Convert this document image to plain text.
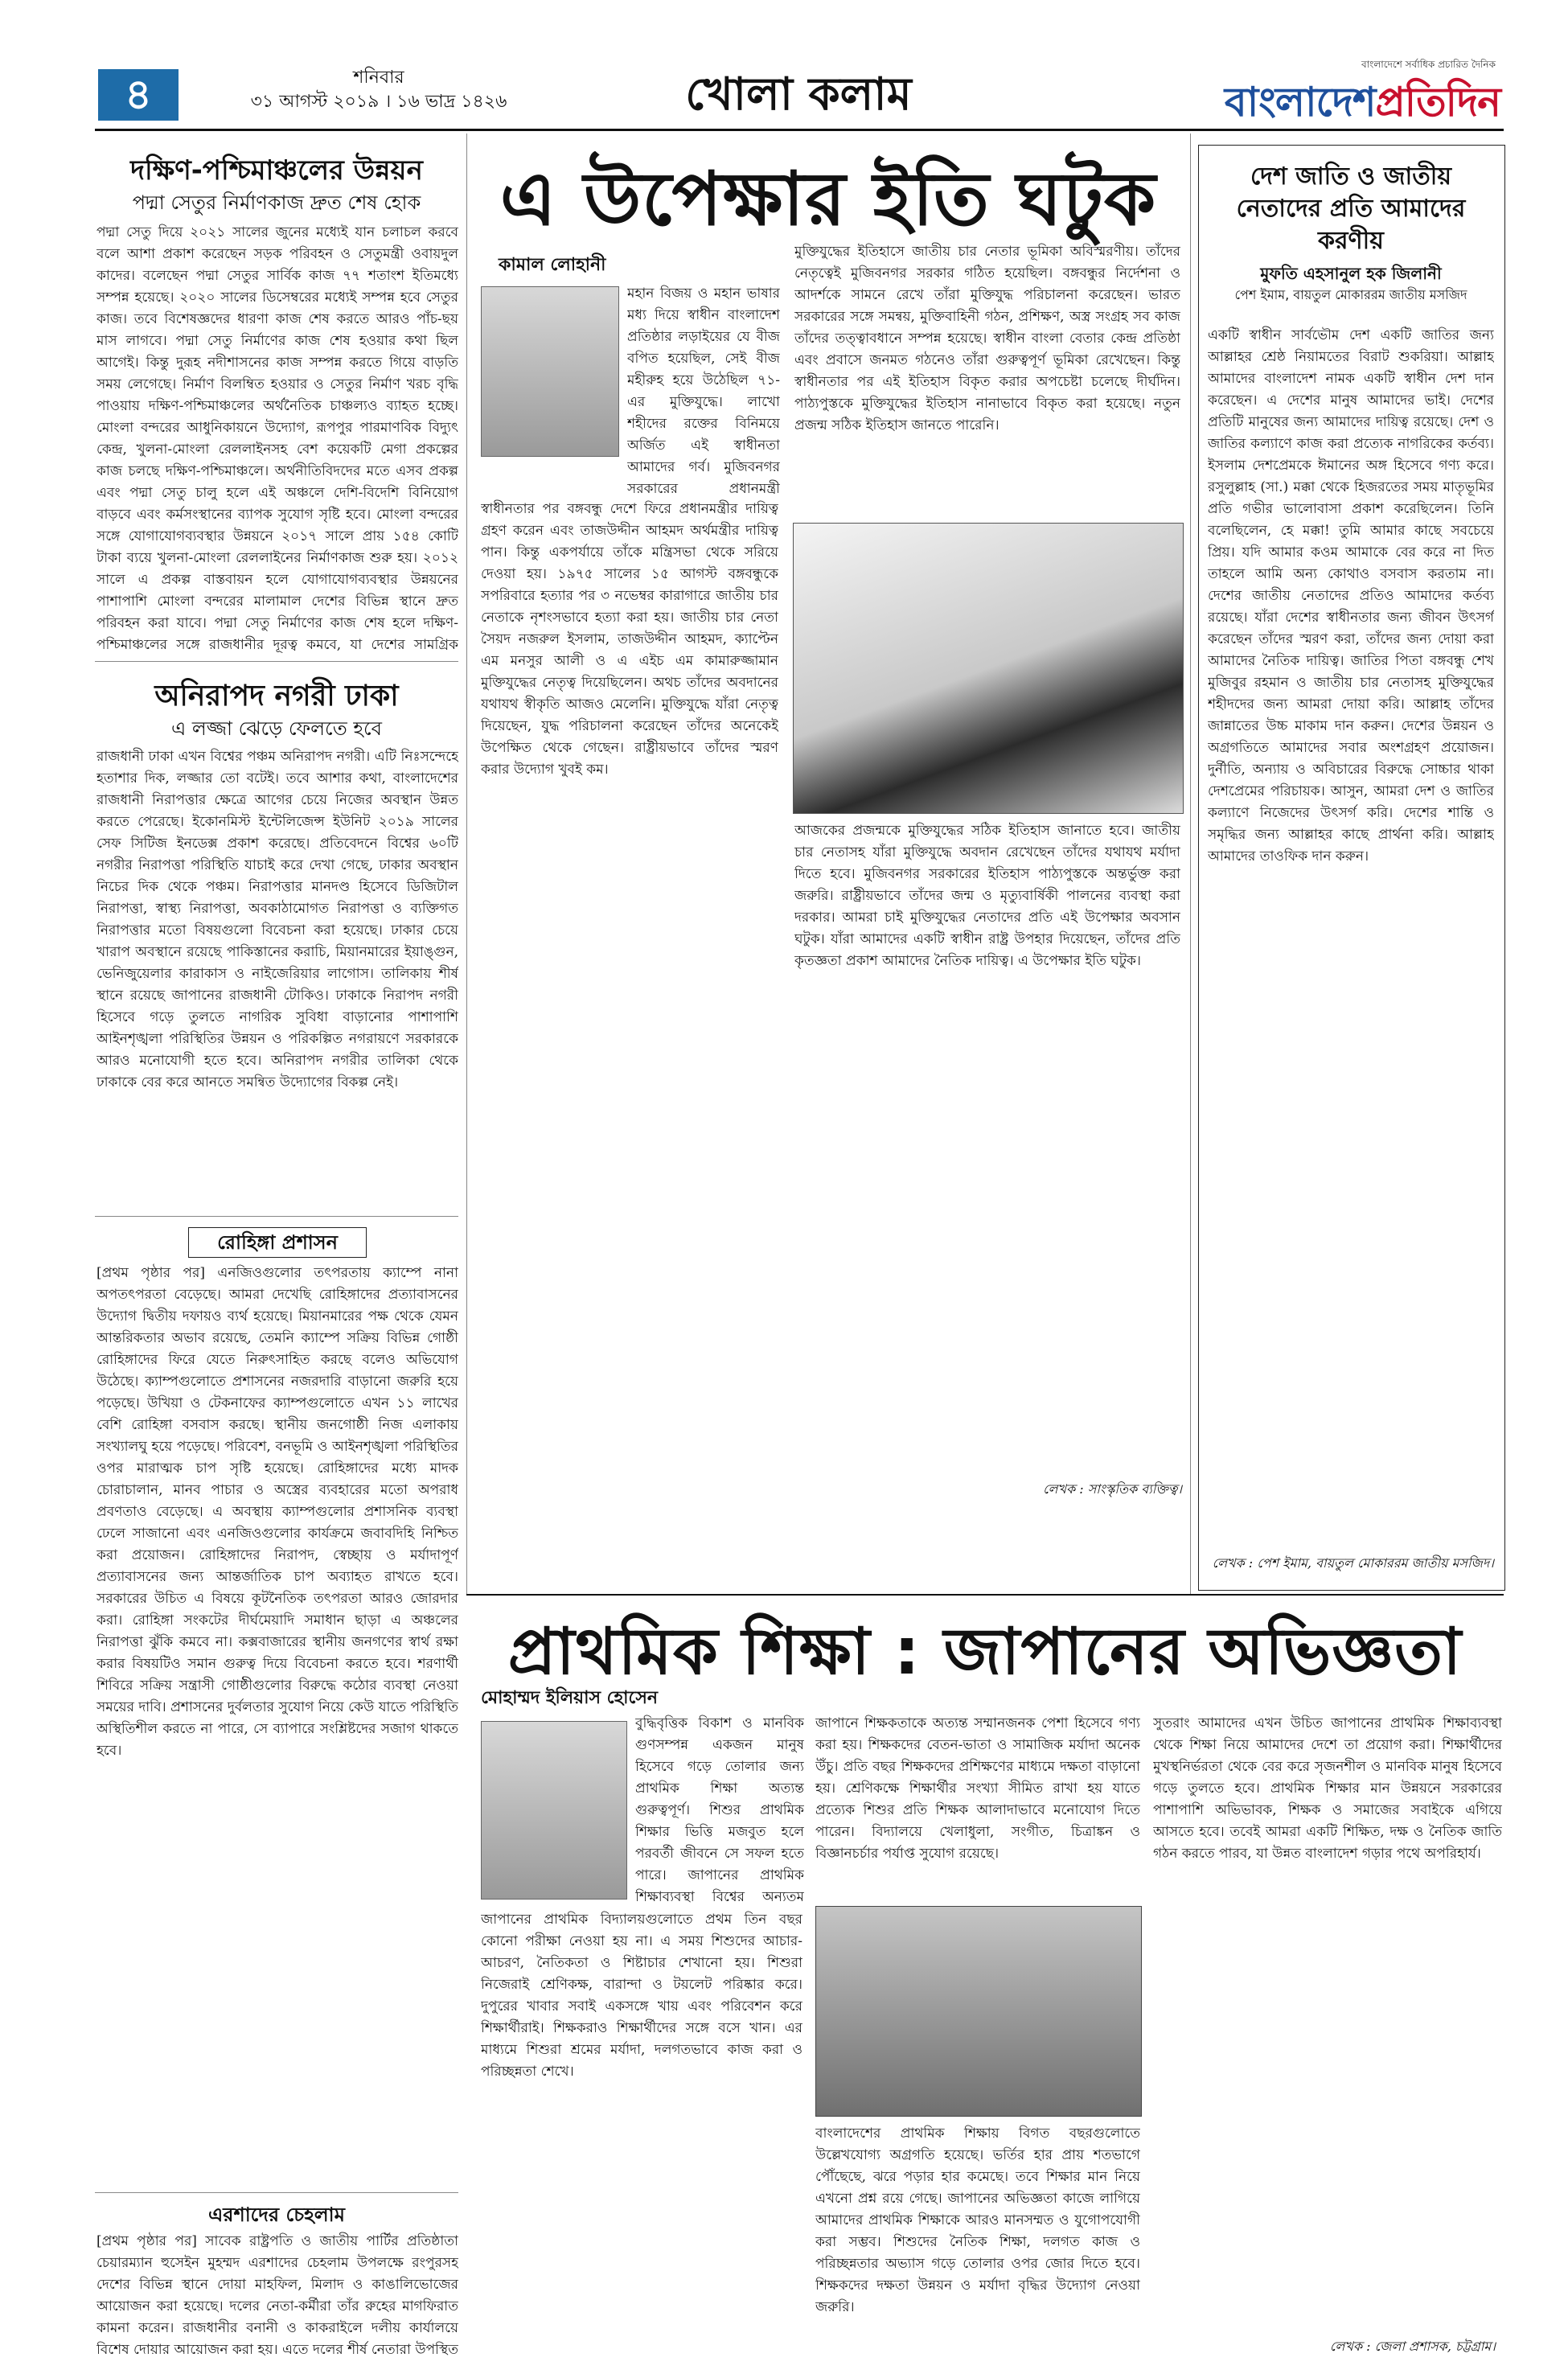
৪	শনিবার
৩১ আগস্ট ২০১৯ । ১৬ ভাদ্র ১৪২৬	খোলা কলাম
বাংলাদেশে সর্বাধিক প্রচারিত দৈনিক
বাংলাদেশপ্রতিদিন
দক্ষিণ-পশ্চিমাঞ্চলের উন্নয়ন
পদ্মা সেতুর নির্মাণকাজ দ্রুত শেষ হোক
পদ্মা সেতু দিয়ে ২০২১ সালের জুনের মধ্যেই যান চলাচল করবে বলে আশা প্রকাশ করেছেন সড়ক পরিবহন ও সেতুমন্ত্রী ওবায়দুল কাদের। বলেছেন পদ্মা সেতুর সার্বিক কাজ ৭৭ শতাংশ ইতিমধ্যে সম্পন্ন হয়েছে। ২০২০ সালের ডিসেম্বরের মধ্যেই সম্পন্ন হবে সেতুর কাজ। তবে বিশেষজ্ঞদের ধারণা কাজ শেষ করতে আরও পাঁচ-ছয় মাস লাগবে। পদ্মা সেতু নির্মাণের কাজ শেষ হওয়ার কথা ছিল আগেই। কিন্তু দুরূহ নদীশাসনের কাজ সম্পন্ন করতে গিয়ে বাড়তি সময় লেগেছে। নির্মাণ বিলম্বিত হওয়ার ও সেতুর নির্মাণ খরচ বৃদ্ধি পাওয়ায় দক্ষিণ-পশ্চিমাঞ্চলের অর্থনৈতিক চাঞ্চল্যও ব্যাহত হচ্ছে। মোংলা বন্দরের আধুনিকায়নে উদ্যোগ, রূপপুর পারমাণবিক বিদ্যুৎ কেন্দ্র, খুলনা-মোংলা রেললাইনসহ বেশ কয়েকটি মেগা প্রকল্পের কাজ চলছে দক্ষিণ-পশ্চিমাঞ্চলে। অর্থনীতিবিদদের মতে এসব প্রকল্প এবং পদ্মা সেতু চালু হলে এই অঞ্চলে দেশি-বিদেশি বিনিয়োগ বাড়বে এবং কর্মসংস্থানের ব্যাপক সুযোগ সৃষ্টি হবে। মোংলা বন্দরের সঙ্গে যোগাযোগব্যবস্থার উন্নয়নে ২০১৭ সালে প্রায় ১৫৪ কোটি টাকা ব্যয়ে খুলনা-মোংলা রেললাইনের নির্মাণকাজ শুরু হয়। ২০১২ সালে এ প্রকল্প বাস্তবায়ন হলে যোগাযোগব্যবস্থার উন্নয়নের পাশাপাশি মোংলা বন্দরের মালামাল দেশের বিভিন্ন স্থানে দ্রুত পরিবহন করা যাবে। পদ্মা সেতু নির্মাণের কাজ শেষ হলে দক্ষিণ-পশ্চিমাঞ্চলের সঙ্গে রাজধানীর দূরত্ব কমবে, যা দেশের সামগ্রিক
অনিরাপদ নগরী ঢাকা
এ লজ্জা ঝেড়ে ফেলতে হবে
রাজধানী ঢাকা এখন বিশ্বের পঞ্চম অনিরাপদ নগরী। এটি নিঃসন্দেহে হতাশার দিক, লজ্জার তো বটেই। তবে আশার কথা, বাংলাদেশের রাজধানী নিরাপত্তার ক্ষেত্রে আগের চেয়ে নিজের অবস্থান উন্নত করতে পেরেছে। ইকোনমিস্ট ইন্টেলিজেন্স ইউনিট ২০১৯ সালের সেফ সিটিজ ইনডেক্স প্রকাশ করেছে। প্রতিবেদনে বিশ্বের ৬০টি নগরীর নিরাপত্তা পরিস্থিতি যাচাই করে দেখা গেছে, ঢাকার অবস্থান নিচের দিক থেকে পঞ্চম। নিরাপত্তার মানদণ্ড হিসেবে ডিজিটাল নিরাপত্তা, স্বাস্থ্য নিরাপত্তা, অবকাঠামোগত নিরাপত্তা ও ব্যক্তিগত নিরাপত্তার মতো বিষয়গুলো বিবেচনা করা হয়েছে। ঢাকার চেয়ে খারাপ অবস্থানে রয়েছে পাকিস্তানের করাচি, মিয়ানমারের ইয়াঙ্গুন, ভেনিজুয়েলার কারাকাস ও নাইজেরিয়ার লাগোস। তালিকায় শীর্ষ স্থানে রয়েছে জাপানের রাজধানী টোকিও। ঢাকাকে নিরাপদ নগরী হিসেবে গড়ে তুলতে নাগরিক সুবিধা বাড়ানোর পাশাপাশি আইনশৃঙ্খলা পরিস্থিতির উন্নয়ন ও পরিকল্পিত নগরায়ণে সরকারকে আরও মনোযোগী হতে হবে। অনিরাপদ নগরীর তালিকা থেকে ঢাকাকে বের করে আনতে সমন্বিত উদ্যোগের বিকল্প নেই।
রোহিঙ্গা প্রশাসন
[প্রথম পৃষ্ঠার পর] এনজিওগুলোর তৎপরতায় ক্যাম্পে নানা অপতৎপরতা বেড়েছে। আমরা দেখেছি রোহিঙ্গাদের প্রত্যাবাসনের উদ্যোগ দ্বিতীয় দফায়ও ব্যর্থ হয়েছে। মিয়ানমারের পক্ষ থেকে যেমন আন্তরিকতার অভাব রয়েছে, তেমনি ক্যাম্পে সক্রিয় বিভিন্ন গোষ্ঠী রোহিঙ্গাদের ফিরে যেতে নিরুৎসাহিত করছে বলেও অভিযোগ উঠেছে। ক্যাম্পগুলোতে প্রশাসনের নজরদারি বাড়ানো জরুরি হয়ে পড়েছে। উখিয়া ও টেকনাফের ক্যাম্পগুলোতে এখন ১১ লাখের বেশি রোহিঙ্গা বসবাস করছে। স্থানীয় জনগোষ্ঠী নিজ এলাকায় সংখ্যালঘু হয়ে পড়েছে। পরিবেশ, বনভূমি ও আইনশৃঙ্খলা পরিস্থিতির ওপর মারাত্মক চাপ সৃষ্টি হয়েছে। রোহিঙ্গাদের মধ্যে মাদক চোরাচালান, মানব পাচার ও অস্ত্রের ব্যবহারের মতো অপরাধ প্রবণতাও বেড়েছে। এ অবস্থায় ক্যাম্পগুলোর প্রশাসনিক ব্যবস্থা ঢেলে সাজানো এবং এনজিওগুলোর কার্যক্রমে জবাবদিহি নিশ্চিত করা প্রয়োজন। রোহিঙ্গাদের নিরাপদ, স্বেচ্ছায় ও মর্যাদাপূর্ণ প্রত্যাবাসনের জন্য আন্তর্জাতিক চাপ অব্যাহত রাখতে হবে। সরকারের উচিত এ বিষয়ে কূটনৈতিক তৎপরতা আরও জোরদার করা। রোহিঙ্গা সংকটের দীর্ঘমেয়াদি সমাধান ছাড়া এ অঞ্চলের নিরাপত্তা ঝুঁকি কমবে না। কক্সবাজারের স্থানীয় জনগণের স্বার্থ রক্ষা করার বিষয়টিও সমান গুরুত্ব দিয়ে বিবেচনা করতে হবে। শরণার্থী শিবিরে সক্রিয় সন্ত্রাসী গোষ্ঠীগুলোর বিরুদ্ধে কঠোর ব্যবস্থা নেওয়া সময়ের দাবি। প্রশাসনের দুর্বলতার সুযোগ নিয়ে কেউ যাতে পরিস্থিতি অস্থিতিশীল করতে না পারে, সে ব্যাপারে সংশ্লিষ্টদের সজাগ থাকতে হবে।
এরশাদের চেহলাম
[প্রথম পৃষ্ঠার পর] সাবেক রাষ্ট্রপতি ও জাতীয় পার্টির প্রতিষ্ঠাতা চেয়ারম্যান হুসেইন মুহম্মদ এরশাদের চেহলাম উপলক্ষে রংপুরসহ দেশের বিভিন্ন স্থানে দোয়া মাহফিল, মিলাদ ও কাঙালিভোজের আয়োজন করা হয়েছে। দলের নেতা-কর্মীরা তাঁর রুহের মাগফিরাত কামনা করেন। রাজধানীর বনানী ও কাকরাইলে দলীয় কার্যালয়ে বিশেষ দোয়ার আয়োজন করা হয়। এতে দলের শীর্ষ নেতারা উপস্থিত
এ উপেক্ষার ইতি ঘটুক
কামাল লোহানী
মহান বিজয় ও মহান ভাষার মধ্য দিয়ে স্বাধীন বাংলাদেশ প্রতিষ্ঠার লড়াইয়ের যে বীজ বপিত হয়েছিল, সেই বীজ মহীরুহ হয়ে উঠেছিল ৭১-এর মুক্তিযুদ্ধে। লাখো শহীদের রক্তের বিনিময়ে অর্জিত এই স্বাধীনতা আমাদের গর্ব। মুজিবনগর সরকারের প্রধানমন্ত্রী
স্বাধীনতার পর বঙ্গবন্ধু দেশে ফিরে প্রধানমন্ত্রীর দায়িত্ব গ্রহণ করেন এবং তাজউদ্দীন আহমদ অর্থমন্ত্রীর দায়িত্ব পান। কিন্তু একপর্যায়ে তাঁকে মন্ত্রিসভা থেকে সরিয়ে দেওয়া হয়। ১৯৭৫ সালের ১৫ আগস্ট বঙ্গবন্ধুকে সপরিবারে হত্যার পর ৩ নভেম্বর কারাগারে জাতীয় চার নেতাকে নৃশংসভাবে হত্যা করা হয়। জাতীয় চার নেতা সৈয়দ নজরুল ইসলাম, তাজউদ্দীন আহমদ, ক্যাপ্টেন এম মনসুর আলী ও এ এইচ এম কামারুজ্জামান মুক্তিযুদ্ধের নেতৃত্ব দিয়েছিলেন। অথচ তাঁদের অবদানের যথাযথ স্বীকৃতি আজও মেলেনি। মুক্তিযুদ্ধে যাঁরা নেতৃত্ব দিয়েছেন, যুদ্ধ পরিচালনা করেছেন তাঁদের অনেকেই উপেক্ষিত থেকে গেছেন। রাষ্ট্রীয়ভাবে তাঁদের স্মরণ করার উদ্যোগ খুবই কম।
মুক্তিযুদ্ধের ইতিহাসে জাতীয় চার নেতার ভূমিকা অবিস্মরণীয়। তাঁদের নেতৃত্বেই মুজিবনগর সরকার গঠিত হয়েছিল। বঙ্গবন্ধুর নির্দেশনা ও আদর্শকে সামনে রেখে তাঁরা মুক্তিযুদ্ধ পরিচালনা করেছেন। ভারত সরকারের সঙ্গে সমন্বয়, মুক্তিবাহিনী গঠন, প্রশিক্ষণ, অস্ত্র সংগ্রহ সব কাজ তাঁদের তত্ত্বাবধানে সম্পন্ন হয়েছে। স্বাধীন বাংলা বেতার কেন্দ্র প্রতিষ্ঠা এবং প্রবাসে জনমত গঠনেও তাঁরা গুরুত্বপূর্ণ ভূমিকা রেখেছেন। কিন্তু স্বাধীনতার পর এই ইতিহাস বিকৃত করার অপচেষ্টা চলেছে দীর্ঘদিন। পাঠ্যপুস্তকে মুক্তিযুদ্ধের ইতিহাস নানাভাবে বিকৃত করা হয়েছে। নতুন প্রজন্ম সঠিক ইতিহাস জানতে পারেনি।
আজকের প্রজন্মকে মুক্তিযুদ্ধের সঠিক ইতিহাস জানাতে হবে। জাতীয় চার নেতাসহ যাঁরা মুক্তিযুদ্ধে অবদান রেখেছেন তাঁদের যথাযথ মর্যাদা দিতে হবে। মুজিবনগর সরকারের ইতিহাস পাঠ্যপুস্তকে অন্তর্ভুক্ত করা জরুরি। রাষ্ট্রীয়ভাবে তাঁদের জন্ম ও মৃত্যুবার্ষিকী পালনের ব্যবস্থা করা দরকার। আমরা চাই মুক্তিযুদ্ধের নেতাদের প্রতি এই উপেক্ষার অবসান ঘটুক। যাঁরা আমাদের একটি স্বাধীন রাষ্ট্র উপহার দিয়েছেন, তাঁদের প্রতি কৃতজ্ঞতা প্রকাশ আমাদের নৈতিক দায়িত্ব। এ উপেক্ষার ইতি ঘটুক।
লেখক : সাংস্কৃতিক ব্যক্তিত্ব।
দেশ জাতি ও জাতীয় নেতাদের প্রতি আমাদের করণীয়
মুফতি এহসানুল হক জিলানী
পেশ ইমাম, বায়তুল মোকাররম জাতীয় মসজিদ
একটি স্বাধীন সার্বভৌম দেশ একটি জাতির জন্য আল্লাহর শ্রেষ্ঠ নিয়ামতের বিরাট শুকরিয়া। আল্লাহ আমাদের বাংলাদেশ নামক একটি স্বাধীন দেশ দান করেছেন। এ দেশের মানুষ আমাদের ভাই। দেশের প্রতিটি মানুষের জন্য আমাদের দায়িত্ব রয়েছে। দেশ ও জাতির কল্যাণে কাজ করা প্রত্যেক নাগরিকের কর্তব্য। ইসলাম দেশপ্রেমকে ঈমানের অঙ্গ হিসেবে গণ্য করে। রসুলুল্লাহ (সা.) মক্কা থেকে হিজরতের সময় মাতৃভূমির প্রতি গভীর ভালোবাসা প্রকাশ করেছিলেন। তিনি বলেছিলেন, হে মক্কা! তুমি আমার কাছে সবচেয়ে প্রিয়। যদি আমার কওম আমাকে বের করে না দিত তাহলে আমি অন্য কোথাও বসবাস করতাম না। দেশের জাতীয় নেতাদের প্রতিও আমাদের কর্তব্য রয়েছে। যাঁরা দেশের স্বাধীনতার জন্য জীবন উৎসর্গ করেছেন তাঁদের স্মরণ করা, তাঁদের জন্য দোয়া করা আমাদের নৈতিক দায়িত্ব। জাতির পিতা বঙ্গবন্ধু শেখ মুজিবুর রহমান ও জাতীয় চার নেতাসহ মুক্তিযুদ্ধের শহীদদের জন্য আমরা দোয়া করি। আল্লাহ তাঁদের জান্নাতের উচ্চ মাকাম দান করুন। দেশের উন্নয়ন ও অগ্রগতিতে আমাদের সবার অংশগ্রহণ প্রয়োজন। দুর্নীতি, অন্যায় ও অবিচারের বিরুদ্ধে সোচ্চার থাকা দেশপ্রেমের পরিচায়ক। আসুন, আমরা দেশ ও জাতির কল্যাণে নিজেদের উৎসর্গ করি। দেশের শান্তি ও সমৃদ্ধির জন্য আল্লাহর কাছে প্রার্থনা করি। আল্লাহ আমাদের তাওফিক দান করুন।
লেখক : পেশ ইমাম, বায়তুল মোকাররম জাতীয় মসজিদ।
প্রাথমিক শিক্ষা : জাপানের অভিজ্ঞতা
মোহাম্মদ ইলিয়াস হোসেন
বুদ্ধিবৃত্তিক বিকাশ ও মানবিক গুণসম্পন্ন একজন মানুষ হিসেবে গড়ে তোলার জন্য প্রাথমিক শিক্ষা অত্যন্ত গুরুত্বপূর্ণ। শিশুর প্রাথমিক শিক্ষার ভিত্তি মজবুত হলে পরবর্তী জীবনে সে সফল হতে পারে। জাপানের প্রাথমিক শিক্ষাব্যবস্থা বিশ্বের অন্যতম
জাপানের প্রাথমিক বিদ্যালয়গুলোতে প্রথম তিন বছর কোনো পরীক্ষা নেওয়া হয় না। এ সময় শিশুদের আচার-আচরণ, নৈতিকতা ও শিষ্টাচার শেখানো হয়। শিশুরা নিজেরাই শ্রেণিকক্ষ, বারান্দা ও টয়লেট পরিষ্কার করে। দুপুরের খাবার সবাই একসঙ্গে খায় এবং পরিবেশন করে শিক্ষার্থীরাই। শিক্ষকরাও শিক্ষার্থীদের সঙ্গে বসে খান। এর মাধ্যমে শিশুরা শ্রমের মর্যাদা, দলগতভাবে কাজ করা ও পরিচ্ছন্নতা শেখে।
জাপানে শিক্ষকতাকে অত্যন্ত সম্মানজনক পেশা হিসেবে গণ্য করা হয়। শিক্ষকদের বেতন-ভাতা ও সামাজিক মর্যাদা অনেক উঁচু। প্রতি বছর শিক্ষকদের প্রশিক্ষণের মাধ্যমে দক্ষতা বাড়ানো হয়। শ্রেণিকক্ষে শিক্ষার্থীর সংখ্যা সীমিত রাখা হয় যাতে প্রত্যেক শিশুর প্রতি শিক্ষক আলাদাভাবে মনোযোগ দিতে পারেন। বিদ্যালয়ে খেলাধুলা, সংগীত, চিত্রাঙ্কন ও বিজ্ঞানচর্চার পর্যাপ্ত সুযোগ রয়েছে।
বাংলাদেশের প্রাথমিক শিক্ষায় বিগত বছরগুলোতে উল্লেখযোগ্য অগ্রগতি হয়েছে। ভর্তির হার প্রায় শতভাগে পৌঁছেছে, ঝরে পড়ার হার কমেছে। তবে শিক্ষার মান নিয়ে এখনো প্রশ্ন রয়ে গেছে। জাপানের অভিজ্ঞতা কাজে লাগিয়ে আমাদের প্রাথমিক শিক্ষাকে আরও মানসম্মত ও যুগোপযোগী করা সম্ভব। শিশুদের নৈতিক শিক্ষা, দলগত কাজ ও পরিচ্ছন্নতার অভ্যাস গড়ে তোলার ওপর জোর দিতে হবে। শিক্ষকদের দক্ষতা উন্নয়ন ও মর্যাদা বৃদ্ধির উদ্যোগ নেওয়া জরুরি।
সুতরাং আমাদের এখন উচিত জাপানের প্রাথমিক শিক্ষাব্যবস্থা থেকে শিক্ষা নিয়ে আমাদের দেশে তা প্রয়োগ করা। শিক্ষার্থীদের মুখস্থনির্ভরতা থেকে বের করে সৃজনশীল ও মানবিক মানুষ হিসেবে গড়ে তুলতে হবে। প্রাথমিক শিক্ষার মান উন্নয়নে সরকারের পাশাপাশি অভিভাবক, শিক্ষক ও সমাজের সবাইকে এগিয়ে আসতে হবে। তবেই আমরা একটি শিক্ষিত, দক্ষ ও নৈতিক জাতি গঠন করতে পারব, যা উন্নত বাংলাদেশ গড়ার পথে অপরিহার্য।
লেখক : জেলা প্রশাসক, চট্টগ্রাম।
